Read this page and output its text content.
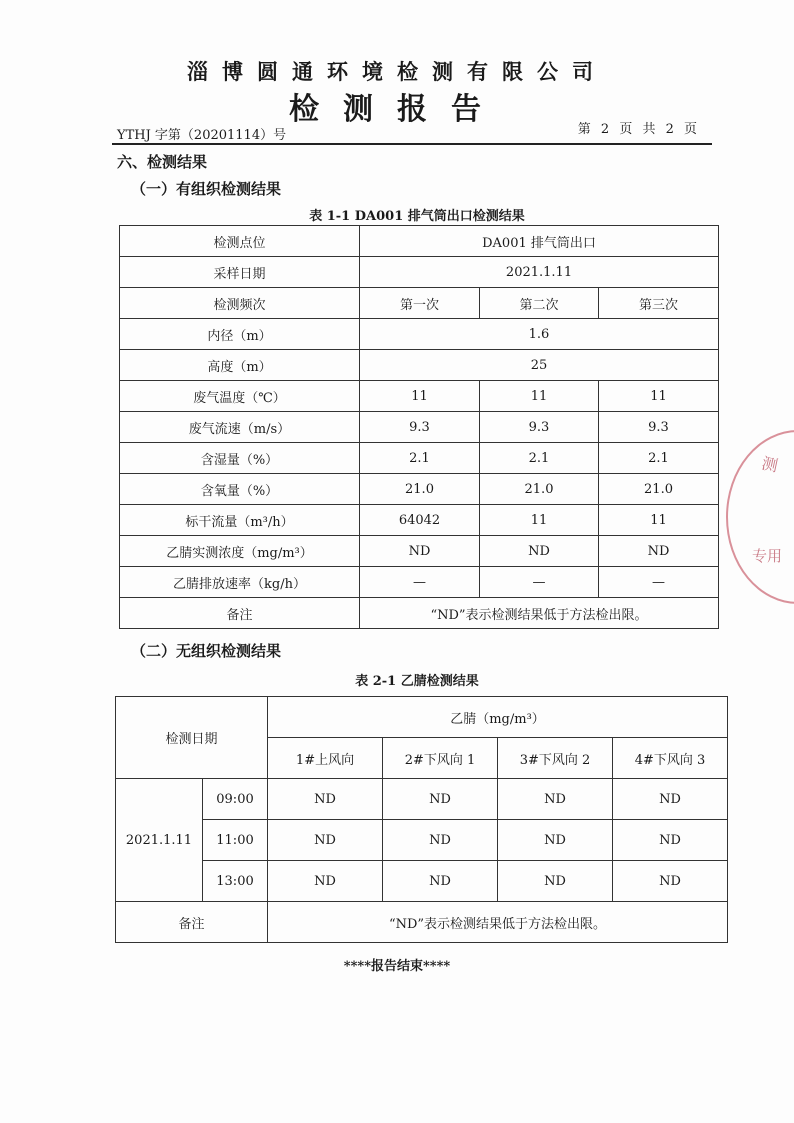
淄博圆通环境检测有限公司
检测报告
YTHJ 字第（20201114）号	第 2 页 共 2 页
六、检测结果
（一）有组织检测结果
表 1-1 DA001 排气筒出口检测结果
检测点位	DA001 排气筒出口		
采样日期	2021.1.11		
检测频次	第一次	第二次	第三次
内径（m）	1.6		
高度（m）	25		
废气温度（℃）	11	11	11
废气流速（m/s）	9.3	9.3	9.3
含湿量（%）	2.1	2.1	2.1
含氧量（%）	21.0	21.0	21.0
标干流量（m³/h）	64042	11	11
乙腈实测浓度（mg/m³）	ND	ND	ND
乙腈排放速率（kg/h）	—	—	—
备注	“ND”表示检测结果低于方法检出限。		
（二）无组织检测结果
表 2-1 乙腈检测结果
检测日期		乙腈（mg/m³）			
		1#上风向	2#下风向 1	3#下风向 2	4#下风向 3
2021.1.11	09:00	ND	ND	ND	ND
	11:00	ND	ND	ND	ND
	13:00	ND	ND	ND	ND
备注		“ND”表示检测结果低于方法检出限。			
****报告结束****
测
专用
